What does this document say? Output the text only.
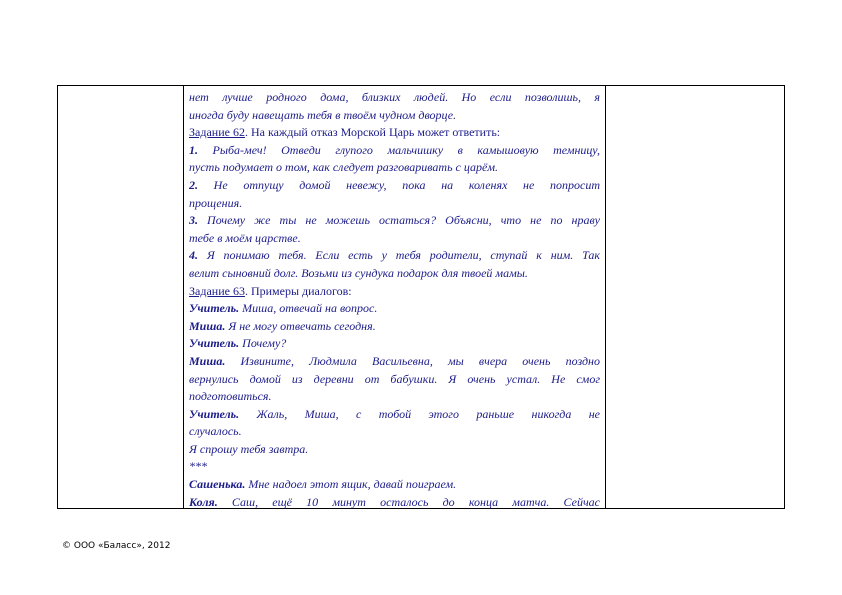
нет лучше родного дома, близких людей. Но если позволишь, я
иногда буду навещать тебя в твоём чудном дворце.
Задание 62. На каждый отказ Морской Царь может ответить:
1. Рыба-меч! Отведи глупого мальчишку в камышовую темницу,
пусть подумает о том, как следует разговаривать с царём.
2. Не отпущу домой невежу, пока на коленях не попросит
прощения.
3. Почему же ты не можешь остаться? Объясни, что не по нраву
тебе в моём царстве.
4. Я понимаю тебя. Если есть у тебя родители, ступай к ним. Так
велит сыновний долг. Возьми из сундука подарок для твоей мамы.
Задание 63. Примеры диалогов:
Учитель. Миша, отвечай на вопрос.
Миша. Я не могу отвечать сегодня.
Учитель. Почему?
Миша. Извините, Людмила Васильевна, мы вчера очень поздно
вернулись домой из деревни от бабушки. Я очень устал. Не смог
подготовиться.
Учитель. Жаль, Миша, с тобой этого раньше никогда не
случалось.
Я спрошу тебя завтра.
***
Сашенька. Мне надоел этот ящик, давай поиграем.
Коля. Саш, ещё 10 минут осталось до конца матча. Сейчас
© ООО «Баласс», 2012
